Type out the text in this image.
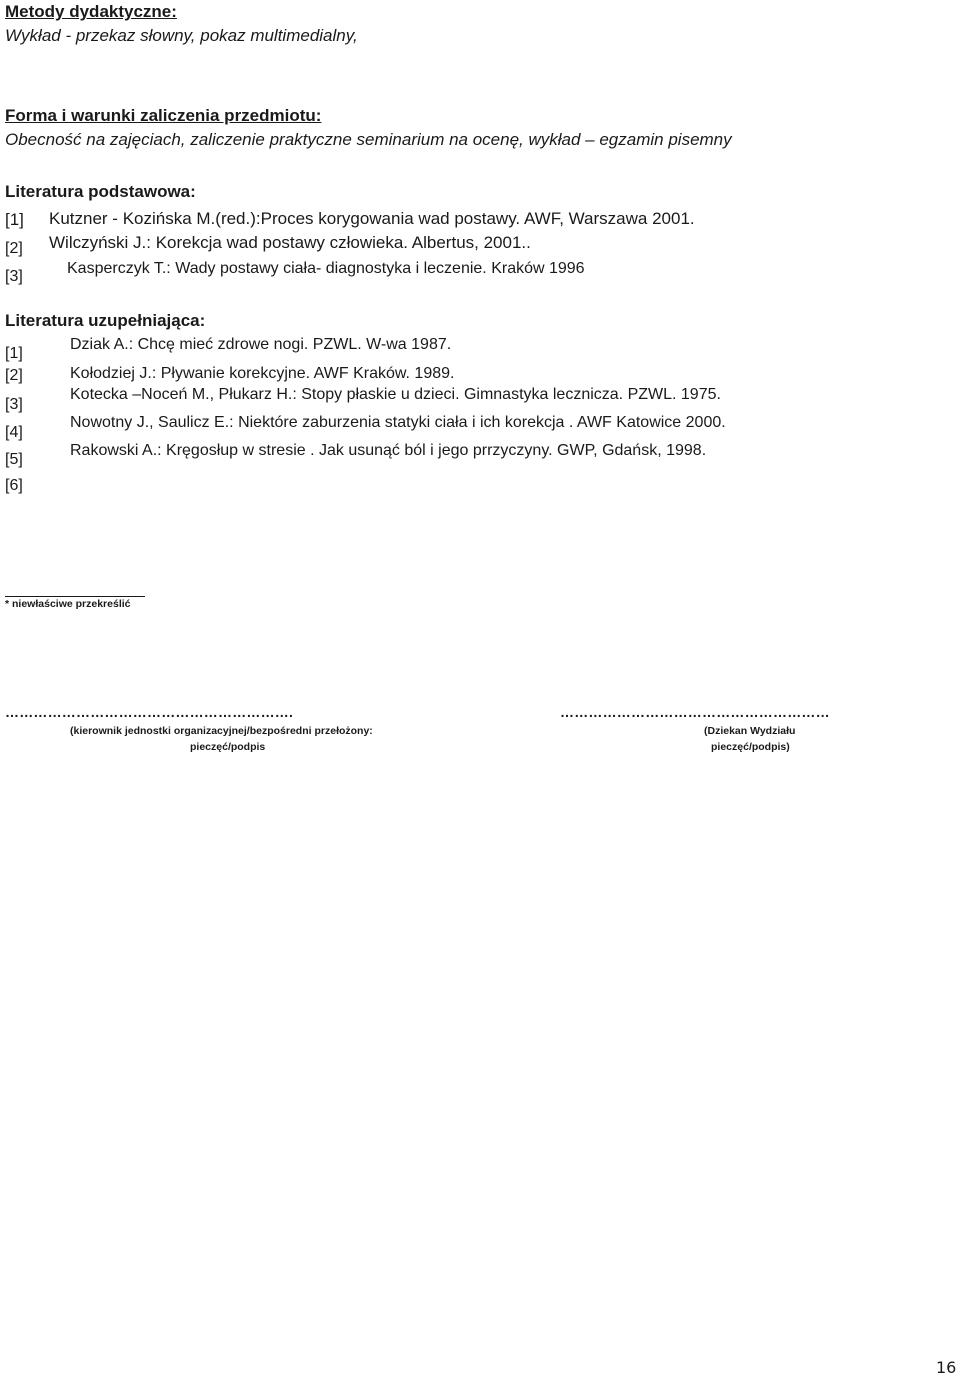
Metody dydaktyczne:
Wykład - przekaz słowny, pokaz multimedialny,
Forma i warunki zaliczenia przedmiotu:
Obecność na zajęciach, zaliczenie praktyczne seminarium na ocenę, wykład – egzamin pisemny
Literatura podstawowa:
[1] Kutzner - Kozińska M.(red.):Proces korygowania wad postawy. AWF, Warszawa 2001.
[2] Wilczyński J.: Korekcja wad postawy człowieka. Albertus, 2001..
[3]	Kasperczyk T.: Wady postawy ciała- diagnostyka i leczenie. Kraków 1996
Literatura uzupełniająca:
[1]
Dziak A.: Chcę mieć zdrowe nogi. PZWL. W-wa 1987.
[2]	Kołodziej J.: Pływanie korekcyjne. AWF Kraków. 1989.
[3]
Kotecka –Noceń M., Płukarz H.: Stopy płaskie u dzieci. Gimnastyka lecznicza. PZWL. 1975.
[4]
Nowotny J., Saulicz E.: Niektóre zaburzenia statyki ciała i ich korekcja . AWF Katowice 2000.
[5]
Rakowski A.: Kręgosłup w stresie . Jak usunąć ból i jego prrzyczyny. GWP, Gdańsk, 1998.
[6]
* niewłaściwe przekreślić
…………………………………………………….
(kierownik jednostki organizacyjnej/bezpośredni przełożony:
pieczęć/podpis
…………………………………………………
(Dziekan Wydziału
pieczęć/podpis)
16
